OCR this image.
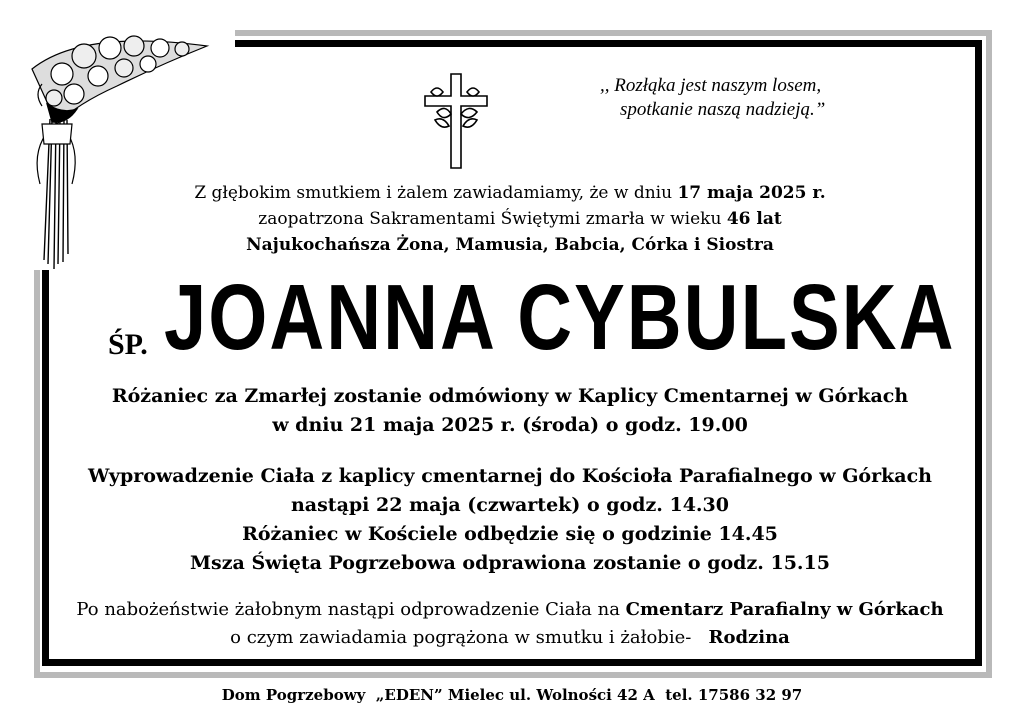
,, Rozłąka jest naszym losem,
spotkanie naszą nadzieją.”
Z głębokim smutkiem i żalem zawiadamiamy, że w dniu 17 maja 2025 r.
zaopatrzona Sakramentami Świętymi zmarła w wieku 46 lat
Najukochańsza Żona, Mamusia, Babcia, Córka i Siostra
ŚP. JOANNA CYBULSKA
Różaniec za Zmarłej zostanie odmówiony w Kaplicy Cmentarnej w Górkach
w dniu 21 maja 2025 r. (środa) o godz. 19.00
Wyprowadzenie Ciała z kaplicy cmentarnej do Kościoła Parafialnego w Górkach
nastąpi 22 maja (czwartek) o godz. 14.30
Różaniec w Kościele odbędzie się o godzinie 14.45
Msza Święta Pogrzebowa odprawiona zostanie o godz. 15.15
Po nabożeństwie żałobnym nastąpi odprowadzenie Ciała na Cmentarz Parafialny w Górkach
o czym zawiadamia pogrążona w smutku i żałobie-   Rodzina
Dom Pogrzebowy  „EDEN” Mielec ul. Wolności 42 A  tel. 17586 32 97
